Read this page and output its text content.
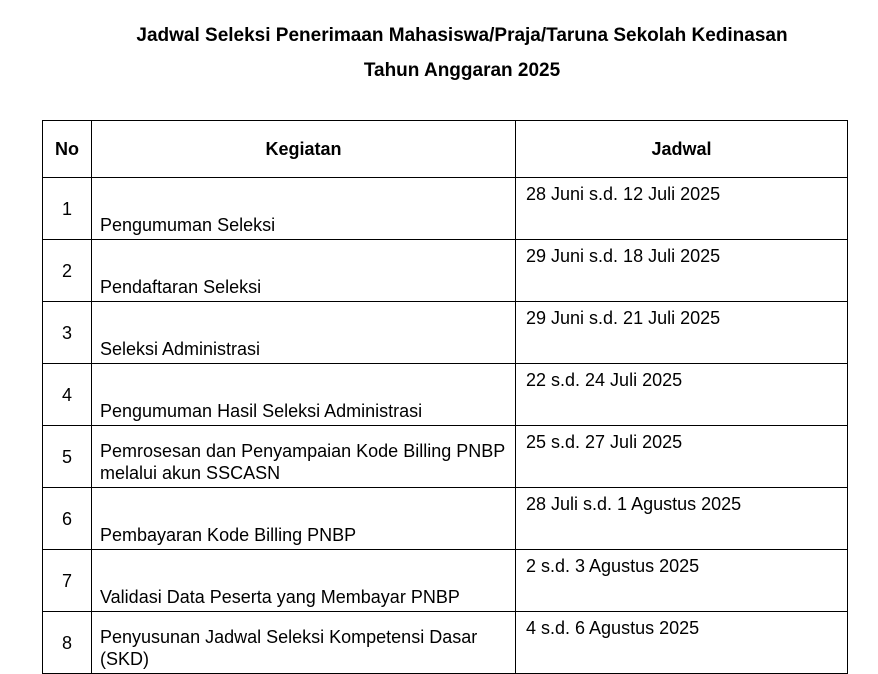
Jadwal Seleksi Penerimaan Mahasiswa/Praja/Taruna Sekolah Kedinasan
Tahun Anggaran 2025
No	Kegiatan	Jadwal
1	Pengumuman Seleksi	28 Juni s.d. 12 Juli 2025
2	Pendaftaran Seleksi	29 Juni s.d. 18 Juli 2025
3	Seleksi Administrasi	29 Juni s.d. 21 Juli 2025
4	Pengumuman Hasil Seleksi Administrasi	22 s.d. 24 Juli 2025
5	Pemrosesan dan Penyampaian Kode Billing PNBP melalui akun SSCASN	25 s.d. 27 Juli 2025
6	Pembayaran Kode Billing PNBP	28 Juli s.d. 1 Agustus 2025
7	Validasi Data Peserta yang Membayar PNBP	2 s.d. 3 Agustus 2025
8	Penyusunan Jadwal Seleksi Kompetensi Dasar (SKD)	4 s.d. 6 Agustus 2025
